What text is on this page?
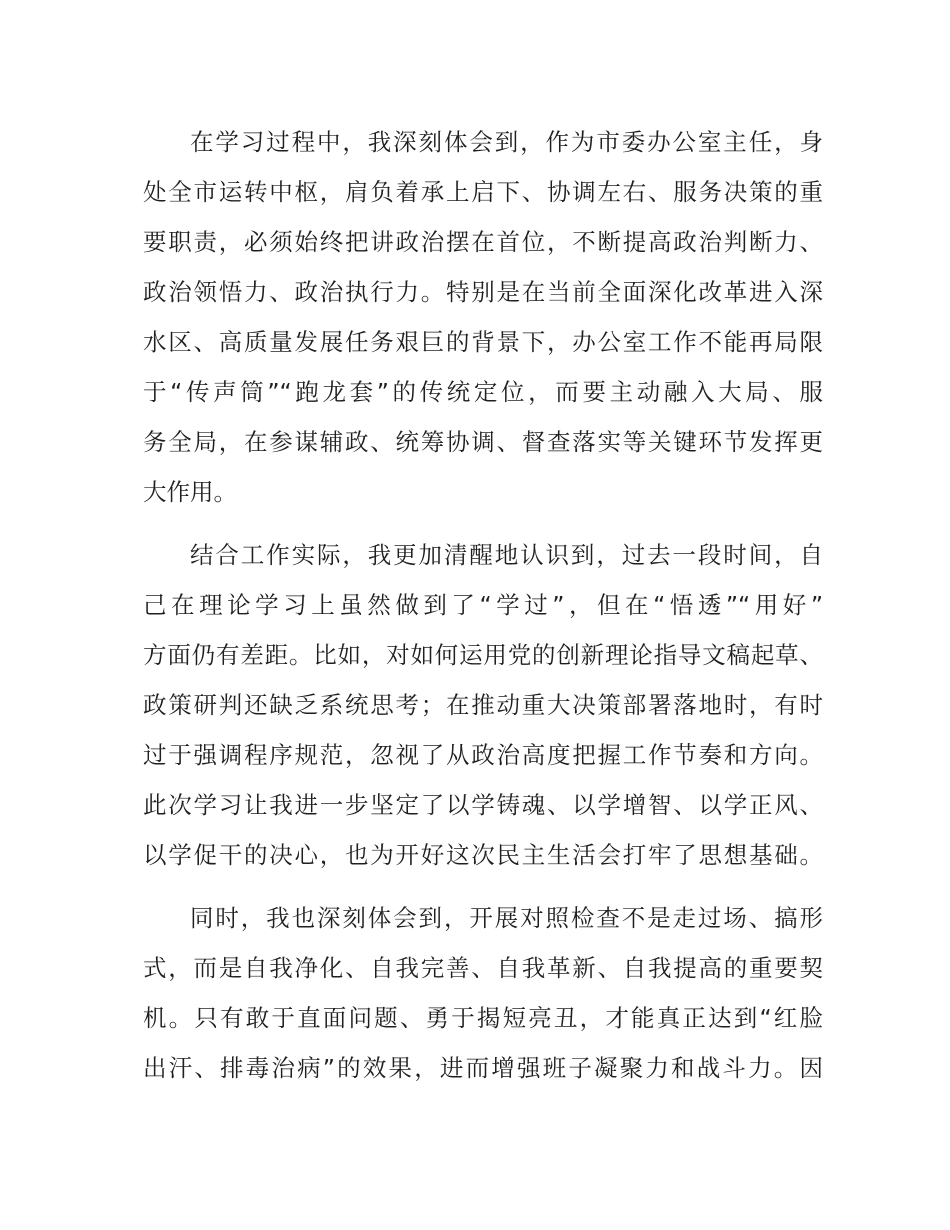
在学习过程中，我深刻体会到，作为市委办公室主任，身
处全市运转中枢，肩负着承上启下、协调左右、服务决策的重
要职责，必须始终把讲政治摆在首位，不断提高政治判断力、
政治领悟力、政治执行力。特别是在当前全面深化改革进入深
水区、高质量发展任务艰巨的背景下，办公室工作不能再局限
于“传声筒”“跑龙套”的传统定位，而要主动融入大局、服
务全局，在参谋辅政、统筹协调、督查落实等关键环节发挥更
大作用。
结合工作实际，我更加清醒地认识到，过去一段时间，自
己在理论学习上虽然做到了“学过”，但在“悟透”“用好”
方面仍有差距。比如，对如何运用党的创新理论指导文稿起草、
政策研判还缺乏系统思考；在推动重大决策部署落地时，有时
过于强调程序规范，忽视了从政治高度把握工作节奏和方向。
此次学习让我进一步坚定了以学铸魂、以学增智、以学正风、
以学促干的决心，也为开好这次民主生活会打牢了思想基础。
同时，我也深刻体会到，开展对照检查不是走过场、搞形
式，而是自我净化、自我完善、自我革新、自我提高的重要契
机。只有敢于直面问题、勇于揭短亮丑，才能真正达到“红脸
出汗、排毒治病”的效果，进而增强班子凝聚力和战斗力。因
